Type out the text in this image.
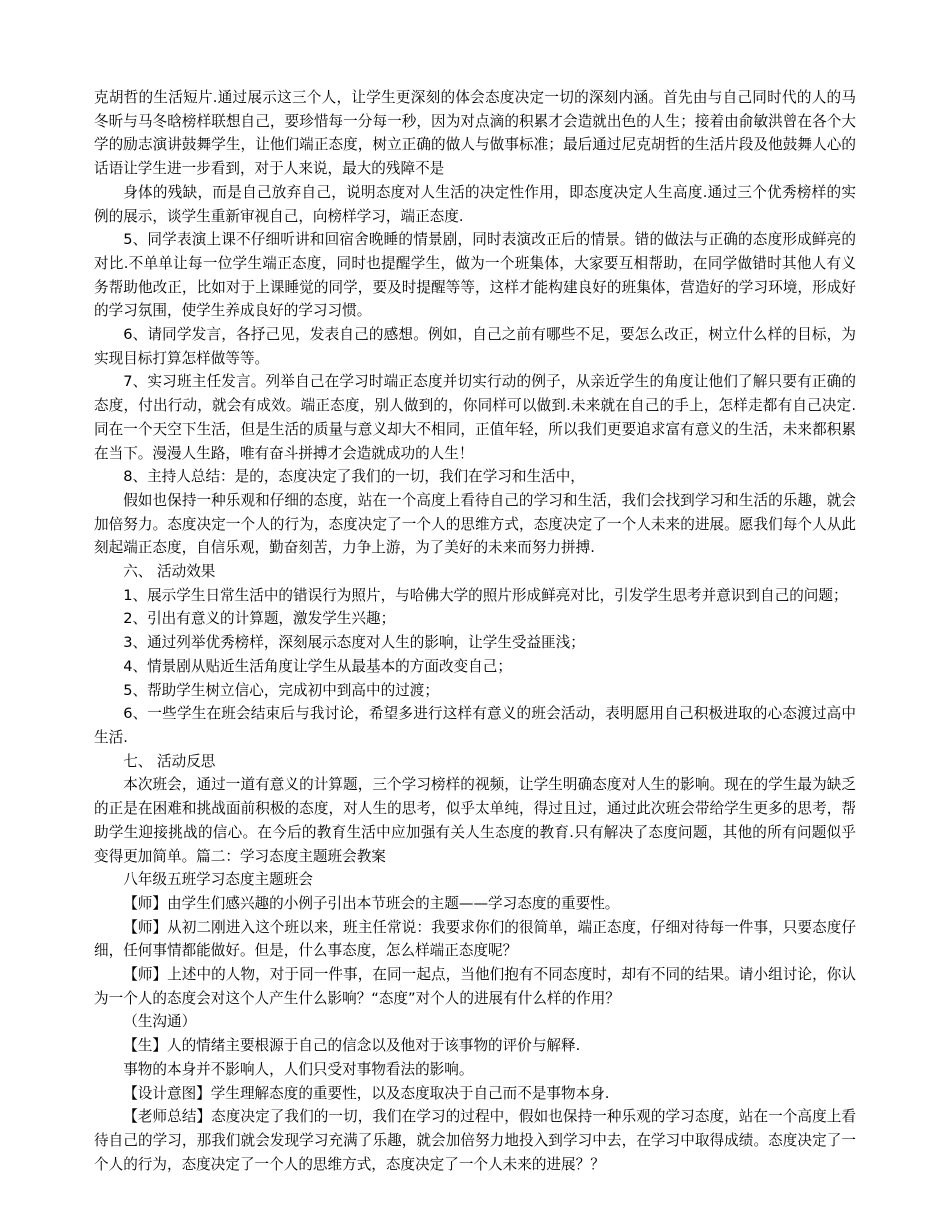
克胡哲的生活短片.通过展示这三个人，让学生更深刻的体会态度决定一切的深刻内涵。首先由与自己同时代的人的马冬昕与马冬晗榜样联想自己，要珍惜每一分每一秒，因为对点滴的积累才会造就出色的人生；接着由俞敏洪曾在各个大学的励志演讲鼓舞学生，让他们端正态度，树立正确的做人与做事标准；最后通过尼克胡哲的生活片段及他鼓舞人心的话语让学生进一步看到，对于人来说，最大的残障不是

身体的残缺，而是自己放弃自己，说明态度对人生活的决定性作用，即态度决定人生高度.通过三个优秀榜样的实例的展示，谈学生重新审视自己，向榜样学习，端正态度.

5、同学表演上课不仔细听讲和回宿舍晚睡的情景剧，同时表演改正后的情景。错的做法与正确的态度形成鲜亮的对比.不单单让每一位学生端正态度，同时也提醒学生，做为一个班集体，大家要互相帮助，在同学做错时其他人有义务帮助他改正，比如对于上课睡觉的同学，要及时提醒等等，这样才能构建良好的班集体，营造好的学习环境，形成好的学习氛围，使学生养成良好的学习习惯。

6、请同学发言，各抒己见，发表自己的感想。例如，自己之前有哪些不足，要怎么改正，树立什么样的目标，为实现目标打算怎样做等等。

7、实习班主任发言。列举自己在学习时端正态度并切实行动的例子，从亲近学生的角度让他们了解只要有正确的态度，付出行动，就会有成效。端正态度，别人做到的，你同样可以做到.未来就在自己的手上，怎样走都有自己决定.同在一个天空下生活，但是生活的质量与意义却大不相同，正值年轻，所以我们更要追求富有意义的生活，未来都积累在当下。漫漫人生路，唯有奋斗拼搏才会造就成功的人生！

8、主持人总结：是的，态度决定了我们的一切，我们在学习和生活中，

假如也保持一种乐观和仔细的态度，站在一个高度上看待自己的学习和生活，我们会找到学习和生活的乐趣，就会加倍努力。态度决定一个人的行为，态度决定了一个人的思维方式，态度决定了一个人未来的进展。愿我们每个人从此刻起端正态度，自信乐观，勤奋刻苦，力争上游，为了美好的未来而努力拼搏.

六、 活动效果

1、展示学生日常生活中的错误行为照片，与哈佛大学的照片形成鲜亮对比，引发学生思考并意识到自己的问题；

2、引出有意义的计算题，激发学生兴趣；

3、通过列举优秀榜样，深刻展示态度对人生的影响，让学生受益匪浅；

4、情景剧从贴近生活角度让学生从最基本的方面改变自己；

5、帮助学生树立信心，完成初中到高中的过渡；

6、一些学生在班会结束后与我讨论，希望多进行这样有意义的班会活动，表明愿用自己积极进取的心态渡过高中生活.

七、 活动反思

本次班会，通过一道有意义的计算题，三个学习榜样的视频，让学生明确态度对人生的影响。现在的学生最为缺乏的正是在困难和挑战面前积极的态度，对人生的思考，似乎太单纯，得过且过，通过此次班会带给学生更多的思考，帮助学生迎接挑战的信心。在今后的教育生活中应加强有关人生态度的教育.只有解决了态度问题，其他的所有问题似乎变得更加简单。篇二：学习态度主题班会教案

八年级五班学习态度主题班会

【师】由学生们感兴趣的小例子引出本节班会的主题——学习态度的重要性。

【师】从初二刚进入这个班以来，班主任常说：我要求你们的很简单，端正态度，仔细对待每一件事，只要态度仔细，任何事情都能做好。但是，什么事态度，怎么样端正态度呢？

【师】上述中的人物，对于同一件事，在同一起点，当他们抱有不同态度时，却有不同的结果。请小组讨论，你认为一个人的态度会对这个人产生什么影响？“态度”对个人的进展有什么样的作用？

（生沟通）

【生】人的情绪主要根源于自己的信念以及他对于该事物的评价与解释.

事物的本身并不影响人，人们只受对事物看法的影响。

【设计意图】学生理解态度的重要性，以及态度取决于自己而不是事物本身.

【老师总结】态度决定了我们的一切，我们在学习的过程中，假如也保持一种乐观的学习态度，站在一个高度上看待自己的学习，那我们就会发现学习充满了乐趣，就会加倍努力地投入到学习中去，在学习中取得成绩。态度决定了一个人的行为，态度决定了一个人的思维方式，态度决定了一个人未来的进展？？
